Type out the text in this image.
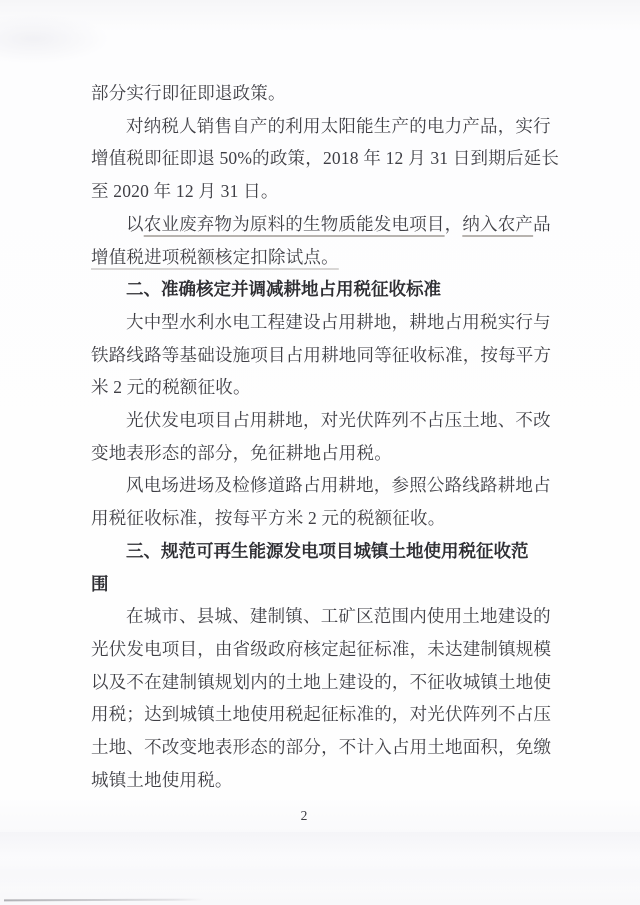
部分实行即征即退政策。
对纳税人销售自产的利用太阳能生产的电力产品，实行
增值税即征即退 50%的政策，2018 年 12 月 31 日到期后延长
至 2020 年 12 月 31 日。
以农业废弃物为原料的生物质能发电项目，纳入农产品
增值税进项税额核定扣除试点。
二、准确核定并调减耕地占用税征收标准
大中型水利水电工程建设占用耕地，耕地占用税实行与
铁路线路等基础设施项目占用耕地同等征收标准，按每平方
米 2 元的税额征收。
光伏发电项目占用耕地，对光伏阵列不占压土地、不改
变地表形态的部分，免征耕地占用税。
风电场进场及检修道路占用耕地，参照公路线路耕地占
用税征收标准，按每平方米 2 元的税额征收。
三、规范可再生能源发电项目城镇土地使用税征收范
围
在城市、县城、建制镇、工矿区范围内使用土地建设的
光伏发电项目，由省级政府核定起征标准，未达建制镇规模
以及不在建制镇规划内的土地上建设的，不征收城镇土地使
用税；达到城镇土地使用税起征标准的，对光伏阵列不占压
土地、不改变地表形态的部分，不计入占用土地面积，免缴
城镇土地使用税。
2
